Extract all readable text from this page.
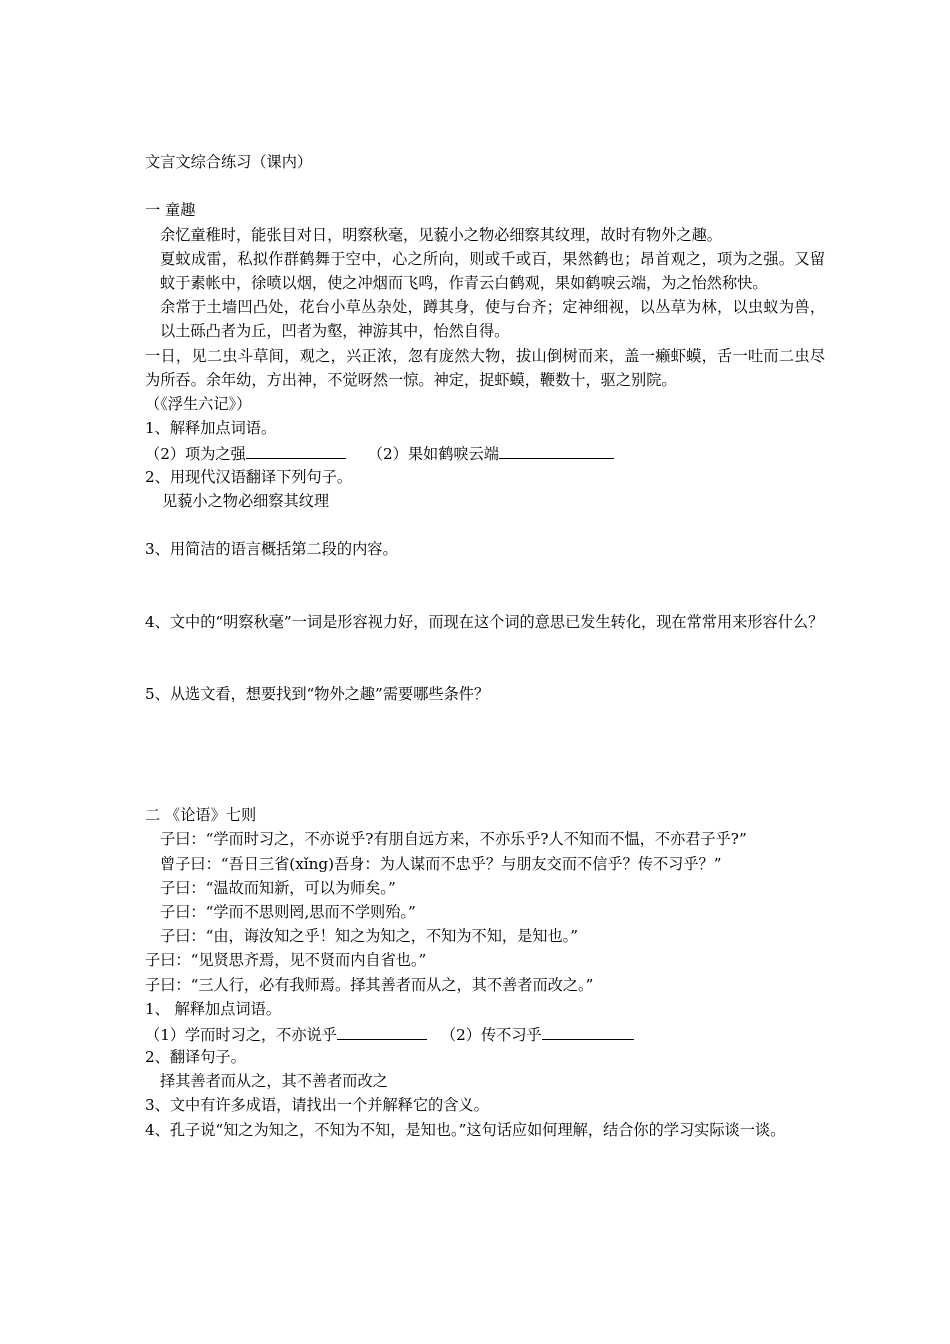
文言文综合练习（课内）
一 童趣
余忆童稚时，能张目对日，明察秋毫，见藐小之物必细察其纹理，故时有物外之趣。
夏蚊成雷，私拟作群鹤舞于空中，心之所向，则或千或百，果然鹤也；昂首观之，项为之强。又留蚊于素帐中，徐喷以烟，使之冲烟而飞鸣，作青云白鹤观，果如鹤唳云端，为之怡然称快。
余常于土墙凹凸处，花台小草丛杂处，蹲其身，使与台齐；定神细视，以丛草为林，以虫蚁为兽，以土砾凸者为丘，凹者为壑，神游其中，怡然自得。
一日，见二虫斗草间，观之，兴正浓，忽有庞然大物，拔山倒树而来，盖一癞虾蟆，舌一吐而二虫尽为所吞。余年幼，方出神，不觉呀然一惊。神定，捉虾蟆，鞭数十，驱之别院。
（《浮生六记》）
1、解释加点词语。
（2）项为之强	（2）果如鹤唳云端
2、用现代汉语翻译下列句子。
见藐小之物必细察其纹理
3、用简洁的语言概括第二段的内容。
4、文中的“明察秋毫”一词是形容视力好，而现在这个词的意思已发生转化，现在常常用来形容什么？
5、从选文看，想要找到“物外之趣”需要哪些条件？
二 《论语》七则
子曰：“学而时习之，不亦说乎?有朋自远方来，不亦乐乎?人不知而不愠，不亦君子乎?”
曾子曰：“吾日三省(xǐng)吾身：为人谋而不忠乎？与朋友交而不信乎？传不习乎？”
子曰：“温故而知新，可以为师矣。”
子曰：“学而不思则罔,思而不学则殆。”
子曰：“由，诲汝知之乎！知之为知之，不知为不知，是知也。”
子曰：“见贤思齐焉，见不贤而内自省也。”
子曰：“三人行，必有我师焉。择其善者而从之，其不善者而改之。”
1、 解释加点词语。
（1）学而时习之，不亦说乎	（2）传不习乎
2、翻译句子。
择其善者而从之，其不善者而改之
3、文中有许多成语，请找出一个并解释它的含义。
4、孔子说“知之为知之，不知为不知，是知也。”这句话应如何理解，结合你的学习实际谈一谈。
